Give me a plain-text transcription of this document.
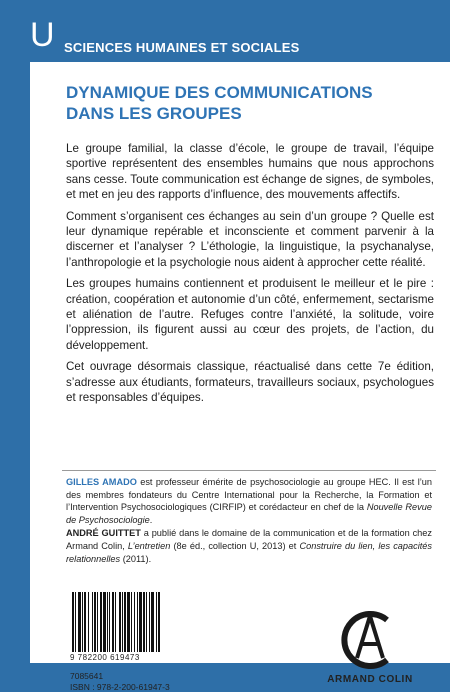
U SCIENCES HUMAINES ET SOCIALES
DYNAMIQUE DES COMMUNICATIONS
DANS LES GROUPES

Le groupe familial, la classe d’école, le groupe de travail, l’équipe sportive représentent des ensembles humains que nous approchons sans cesse. Toute communication est échange de signes, de symboles, et met en jeu des rapports d’influence, des mouvements affectifs.

Comment s’organisent ces échanges au sein d’un groupe ? Quelle est leur dynamique repérable et inconsciente et comment parvenir à la discerner et l’analyser ? L’éthologie, la linguistique, la psychanalyse, l’anthropologie et la psychologie nous aident à approcher cette réalité.

Les groupes humains contiennent et produisent le meilleur et le pire : création, coopération et autonomie d’un côté, enfermement, sectarisme et aliénation de l’autre. Refuges contre l’anxiété, la solitude, voire l’oppression, ils figurent aussi au cœur des projets, de l’action, du développement.

Cet ouvrage désormais classique, réactualisé dans cette 7e édition, s’adresse aux étudiants, formateurs, travailleurs sociaux, psychologues et responsables d’équipes.

GILLES AMADO est professeur émérite de psychosociologie au groupe HEC. Il est l’un des membres fondateurs du Centre International pour la Recherche, la Formation et l’Intervention Psychosociologiques (CIRFIP) et corédacteur en chef de la Nouvelle Revue de Psychosociologie.

ANDRÉ GUITTET a publié dans le domaine de la communication et de la formation chez Armand Colin, L’entretien (8e éd., collection U, 2013) et Construire du lien, les capacités relationnelles (2011).

9 782200 619473
7085641
ISBN : 978-2-200-61947-3
ARMAND COLIN
